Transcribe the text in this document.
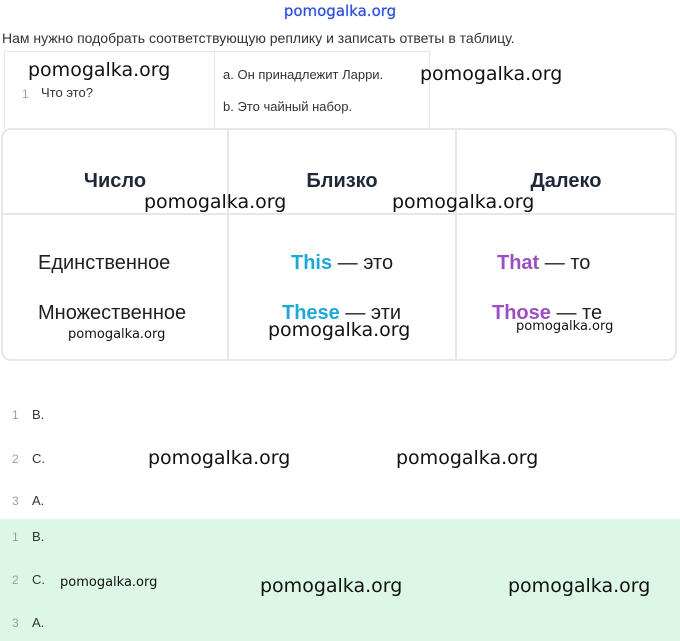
pomogalka.org
Нам нужно подобрать соответствующую реплику и записать ответы в таблицу.
1 Что это?
a. Он принадлежит Ларри.
b. Это чайный набор.
Число	Близко	Далеко
Единственное	This — это	That — то
Множественное	These — эти	Those — те
1 B.
2 C.
3 A.
1 B.
2 C.
3 A.
pomogalka.org	pomogalka.org
pomogalka.org	pomogalka.org
pomogalka.org	pomogalka.org	pomogalka.org
pomogalka.org	pomogalka.org
pomogalka.org	pomogalka.org	pomogalka.org
